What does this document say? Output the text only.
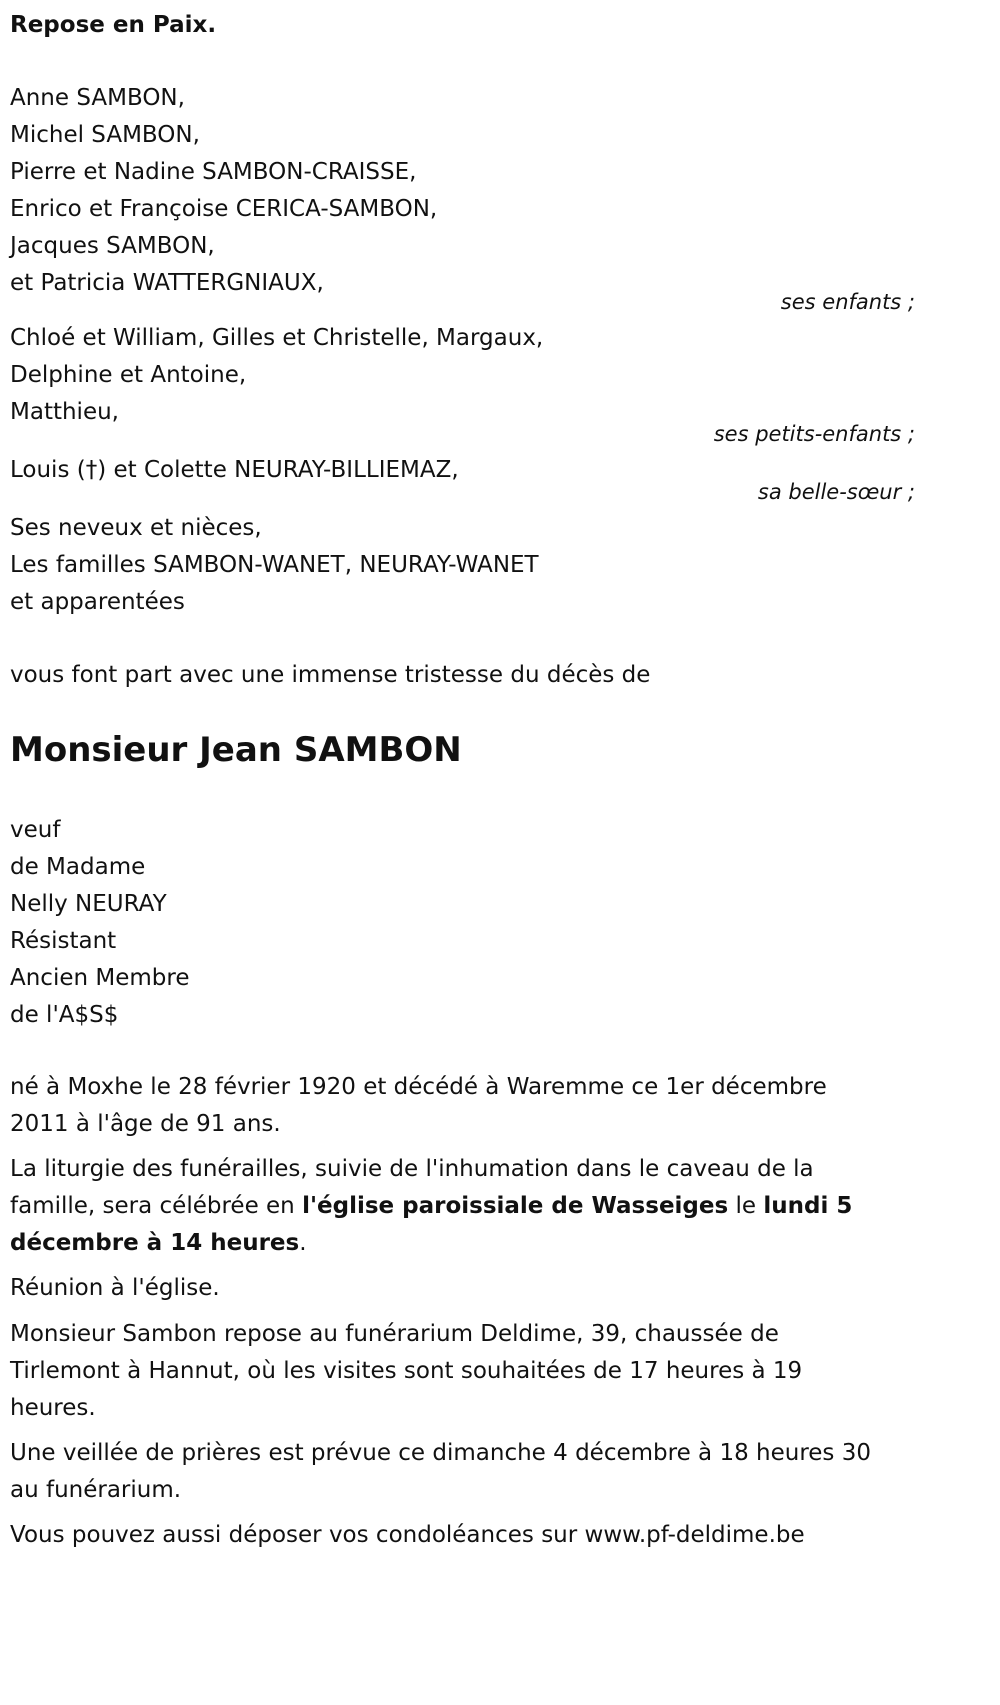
Repose en Paix.

Anne SAMBON,

Michel SAMBON,

Pierre et Nadine SAMBON-CRAISSE,

Enrico et Françoise CERICA-SAMBON,

Jacques SAMBON,

et Patricia WATTERGNIAUX,

ses enfants ;

Chloé et William, Gilles et Christelle, Margaux,

Delphine et Antoine,

Matthieu,

ses petits-enfants ;

Louis (†) et Colette NEURAY-BILLIEMAZ,

sa belle-sœur ;

Ses neveux et nièces,

Les familles SAMBON-WANET, NEURAY-WANET

et apparentées

vous font part avec une immense tristesse du décès de

Monsieur Jean SAMBON

veuf

de Madame

Nelly NEURAY

Résistant

Ancien Membre

de l'A$S$

né à Moxhe le 28 février 1920 et décédé à Waremme ce 1er décembre 2011 à l'âge de 91 ans.

La liturgie des funérailles, suivie de l'inhumation dans le caveau de la famille, sera célébrée en l'église paroissiale de Wasseiges le lundi 5 décembre à 14 heures.

Réunion à l'église.

Monsieur Sambon repose au funérarium Deldime, 39, chaussée de Tirlemont à Hannut, où les visites sont souhaitées de 17 heures à 19 heures.

Une veillée de prières est prévue ce dimanche 4 décembre à 18 heures 30 au funérarium.

Vous pouvez aussi déposer vos condoléances sur www.pf-deldime.be
